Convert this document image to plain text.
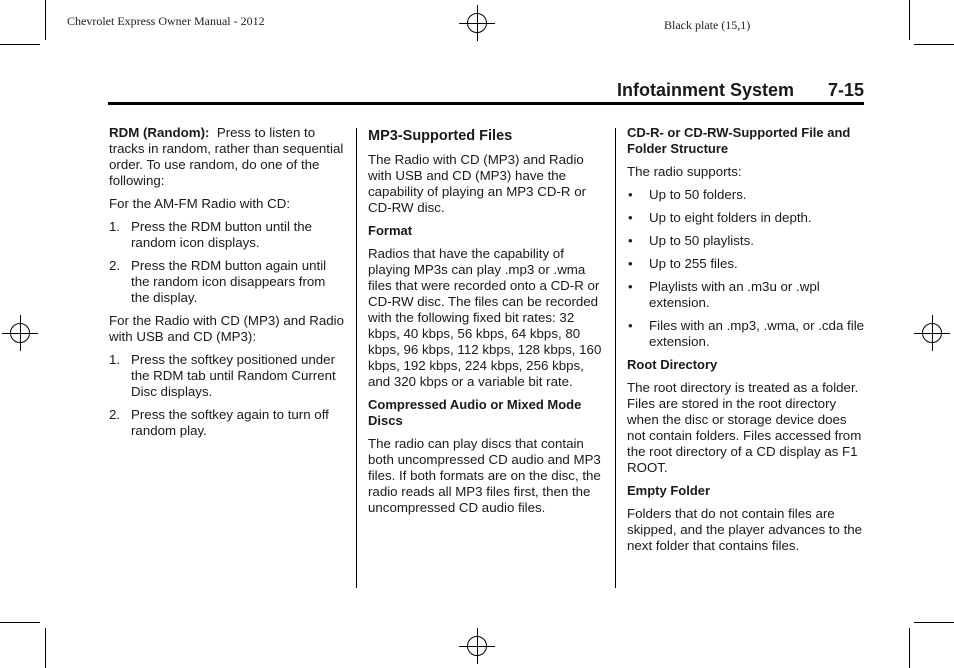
Chevrolet Express Owner Manual - 2012	Black plate (15,1)
Infotainment System 7-15

RDM (Random): Press to listen to tracks in random, rather than sequential order. To use random, do one of the following:

For the AM-FM Radio with CD:

1. Press the RDM button until the random icon displays.
2. Press the RDM button again until the random icon disappears from the display.

For the Radio with CD (MP3) and Radio with USB and CD (MP3):

1. Press the softkey positioned under the RDM tab until Random Current Disc displays.
2. Press the softkey again to turn off random play.
MP3-Supported Files

The Radio with CD (MP3) and Radio with USB and CD (MP3) have the capability of playing an MP3 CD-R or CD-RW disc.

Format

Radios that have the capability of playing MP3s can play .mp3 or .wma files that were recorded onto a CD-R or CD-RW disc. The files can be recorded with the following fixed bit rates: 32 kbps, 40 kbps, 56 kbps, 64 kbps, 80 kbps, 96 kbps, 112 kbps, 128 kbps, 160 kbps, 192 kbps, 224 kbps, 256 kbps, and 320 kbps or a variable bit rate.

Compressed Audio or Mixed Mode Discs

The radio can play discs that contain both uncompressed CD audio and MP3 files. If both formats are on the disc, the radio reads all MP3 files first, then the uncompressed CD audio files.

CD-R- or CD-RW-Supported File and Folder Structure

The radio supports:

• Up to 50 folders.
• Up to eight folders in depth.
• Up to 50 playlists.
• Up to 255 files.
• Playlists with an .m3u or .wpl extension.
• Files with an .mp3, .wma, or .cda file extension.
Root Directory

The root directory is treated as a folder. Files are stored in the root directory when the disc or storage device does not contain folders. Files accessed from the root directory of a CD display as F1 ROOT.

Empty Folder

Folders that do not contain files are skipped, and the player advances to the next folder that contains files.
